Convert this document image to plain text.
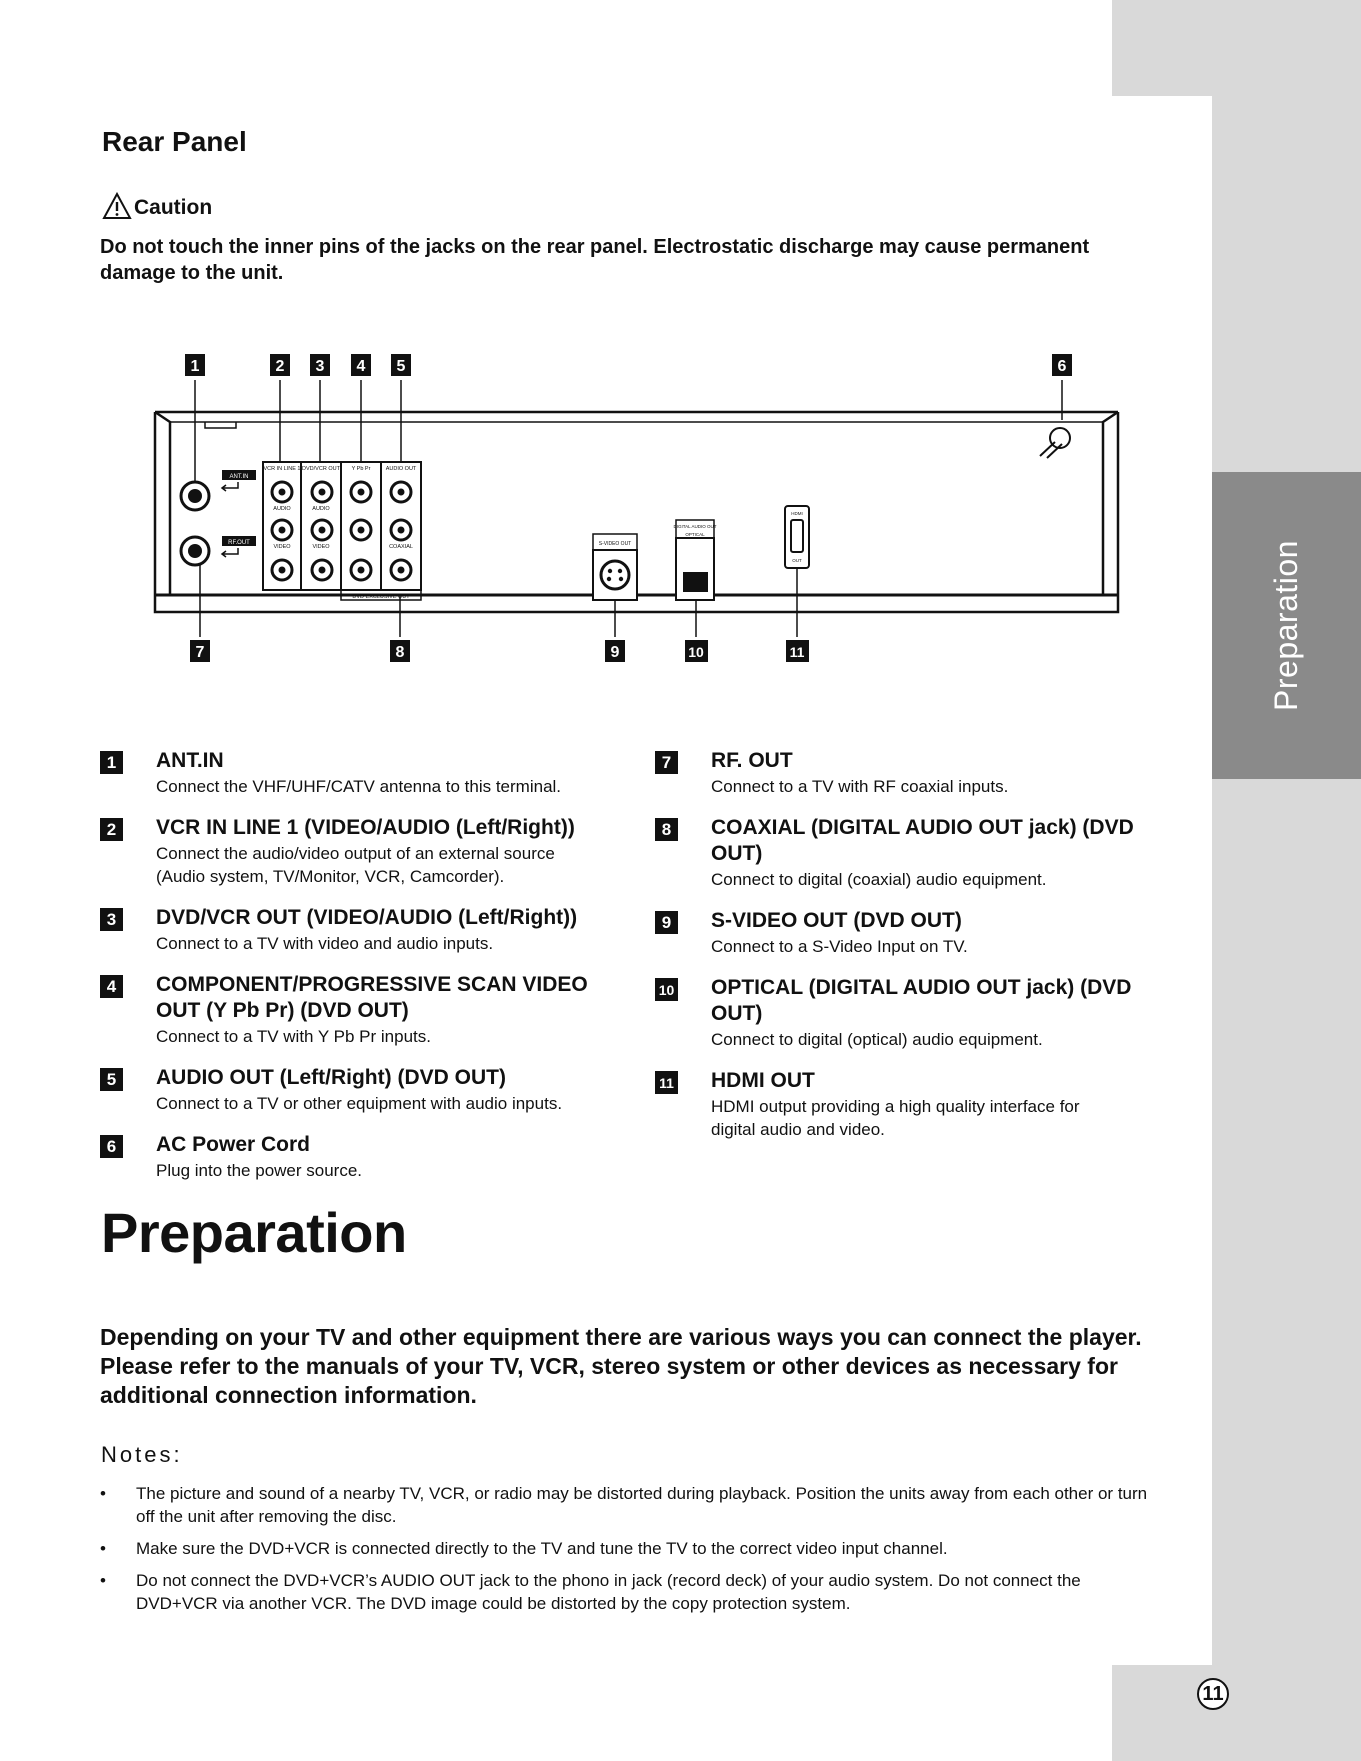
Preparation
11
Rear Panel
Caution
Do not touch the inner pins of the jacks on the rear panel. Electrostatic discharge may cause permanent damage to the unit.
ANT.IN
RF.OUT
VCR IN LINE 1 DVD/VCR OUT Y Pb Pr	AUDIO OUT
AUDIO	AUDIO
VIDEO	VIDEO	COAXIAL
DVD EXCLUSIVE OUT
S-VIDEO OUT
DIGITAL AUDIO OUT
OPTICAL
HDMI
OUT
1	2 3 4 5	6
7	8	9	10	11
1	ANT.IN
Connect the VHF/UHF/CATV antenna to this terminal.
2	VCR IN LINE 1 (VIDEO/AUDIO (Left/Right))
Connect the audio/video output of an external source
(Audio system, TV/Monitor, VCR, Camcorder).
3	DVD/VCR OUT (VIDEO/AUDIO (Left/Right))
Connect to a TV with video and audio inputs.
4	COMPONENT/PROGRESSIVE SCAN VIDEO OUT (Y Pb Pr) (DVD OUT)
Connect to a TV with Y Pb Pr inputs.
5	AUDIO OUT (Left/Right) (DVD OUT)
Connect to a TV or other equipment with audio inputs.
6	AC Power Cord
Plug into the power source.
7	RF. OUT
Connect to a TV with RF coaxial inputs.
8	COAXIAL (DIGITAL AUDIO OUT jack) (DVD OUT)
Connect to digital (coaxial) audio equipment.
9	S-VIDEO OUT (DVD OUT)
Connect to a S-Video Input on TV.
10 OPTICAL (DIGITAL AUDIO OUT jack) (DVD OUT)
Connect to digital (optical) audio equipment.
11 HDMI OUT
HDMI output providing a high quality interface for
digital audio and video.
Preparation
Depending on your TV and other equipment there are various ways you can connect the player. Please refer to the manuals of your TV, VCR, stereo system or other devices as necessary for additional connection information.
Notes:
• The picture and sound of a nearby TV, VCR, or radio may be distorted during playback. Position the units away from each other or turn off the unit after removing the disc.
• Make sure the DVD+VCR is connected directly to the TV and tune the TV to the correct video input channel.
• Do not connect the DVD+VCR’s AUDIO OUT jack to the phono in jack (record deck) of your audio system. Do not connect the DVD+VCR via another VCR. The DVD image could be distorted by the copy protection system.
